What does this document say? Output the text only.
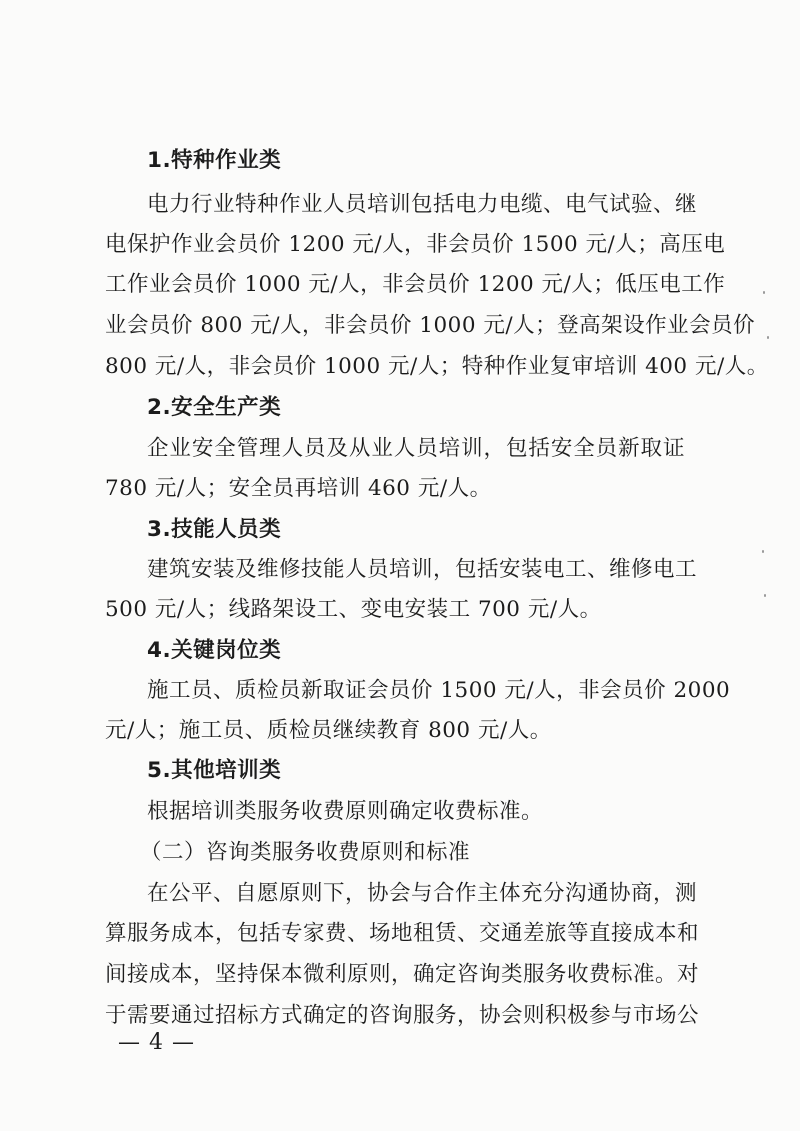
1.特种作业类
电力行业特种作业人员培训包括电力电缆、电气试验、继
电保护作业会员价 1200 元/人，非会员价 1500 元/人；高压电
工作业会员价 1000 元/人，非会员价 1200 元/人；低压电工作
业会员价 800 元/人，非会员价 1000 元/人；登高架设作业会员价
800 元/人，非会员价 1000 元/人；特种作业复审培训 400 元/人。
2.安全生产类
企业安全管理人员及从业人员培训，包括安全员新取证
780 元/人；安全员再培训 460 元/人。
3.技能人员类
建筑安装及维修技能人员培训，包括安装电工、维修电工
500 元/人；线路架设工、变电安装工 700 元/人。
4.关键岗位类
施工员、质检员新取证会员价 1500 元/人，非会员价 2000
元/人；施工员、质检员继续教育 800 元/人。
5.其他培训类
根据培训类服务收费原则确定收费标准。
（二）咨询类服务收费原则和标准
在公平、自愿原则下，协会与合作主体充分沟通协商，测
算服务成本，包括专家费、场地租赁、交通差旅等直接成本和
间接成本，坚持保本微利原则，确定咨询类服务收费标准。对
于需要通过招标方式确定的咨询服务，协会则积极参与市场公
— 4 —
